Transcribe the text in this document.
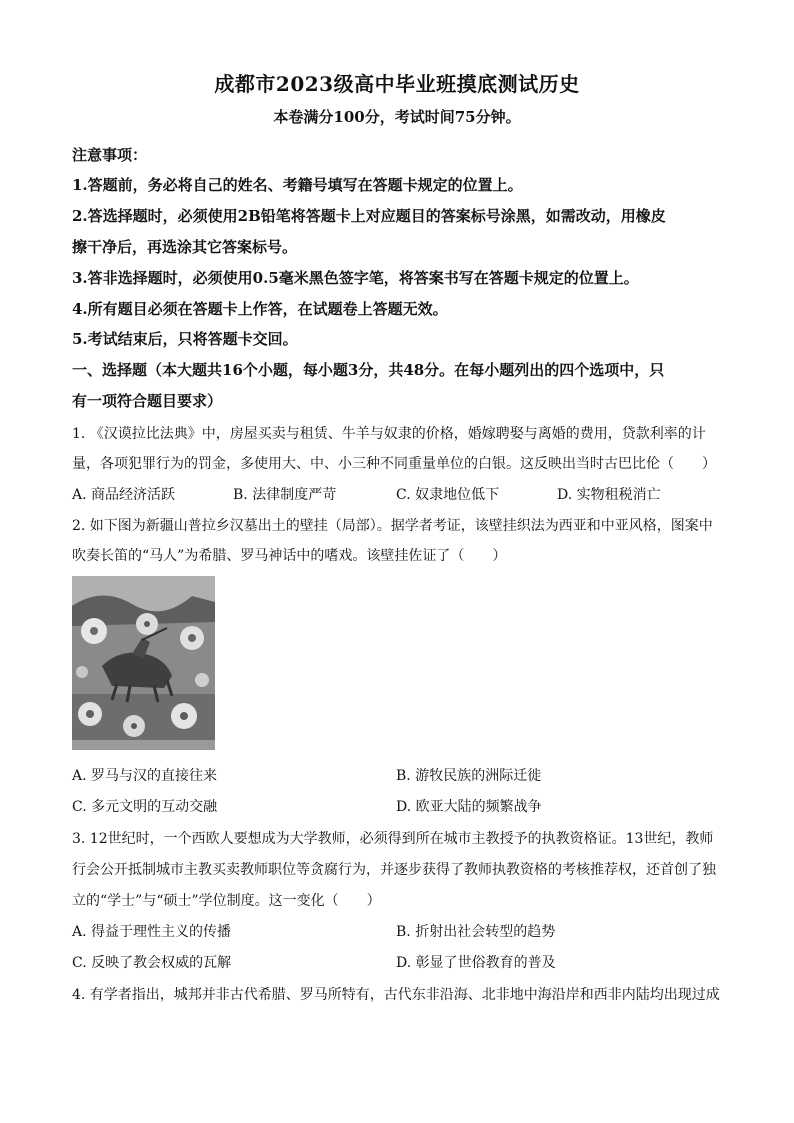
成都市2023级高中毕业班摸底测试历史
本卷满分100分，考试时间75分钟。
注意事项：
1.答题前，务必将自己的姓名、考籍号填写在答题卡规定的位置上。
2.答选择题时，必须使用2B铅笔将答题卡上对应题目的答案标号涂黑，如需改动，用橡皮
擦干净后，再选涂其它答案标号。
3.答非选择题时，必须使用0.5毫米黑色签字笔，将答案书写在答题卡规定的位置上。
4.所有题目必须在答题卡上作答，在试题卷上答题无效。
5.考试结束后，只将答题卡交回。
一、选择题（本大题共16个小题，每小题3分，共48分。在每小题列出的四个选项中，只
有一项符合题目要求）
1. 《汉谟拉比法典》中，房屋买卖与租赁、牛羊与奴隶的价格，婚嫁聘娶与离婚的费用，贷款利率的计
量，各项犯罪行为的罚金，多使用大、中、小三种不同重量单位的白银。这反映出当时古巴比伦（　　）
A. 商品经济活跃	B. 法律制度严苛	C. 奴隶地位低下	D. 实物租税消亡
2. 如下图为新疆山普拉乡汉墓出土的壁挂（局部）。据学者考证，该壁挂织法为西亚和中亚风格，图案中
吹奏长笛的“马人”为希腊、罗马神话中的嗜戏。该壁挂佐证了（　　）
A. 罗马与汉的直接往来	B. 游牧民族的洲际迁徙
C. 多元文明的互动交融	D. 欧亚大陆的频繁战争
3. 12世纪时，一个西欧人要想成为大学教师，必须得到所在城市主教授予的执教资格证。13世纪，教师
行会公开抵制城市主教买卖教师职位等贪腐行为，并逐步获得了教师执教资格的考核推荐权，还首创了独
立的“学士”与“硕士”学位制度。这一变化（　　）
A. 得益于理性主义的传播	B. 折射出社会转型的趋势
C. 反映了教会权威的瓦解	D. 彰显了世俗教育的普及
4. 有学者指出，城邦并非古代希腊、罗马所特有，古代东非沿海、北非地中海沿岸和西非内陆均出现过成
